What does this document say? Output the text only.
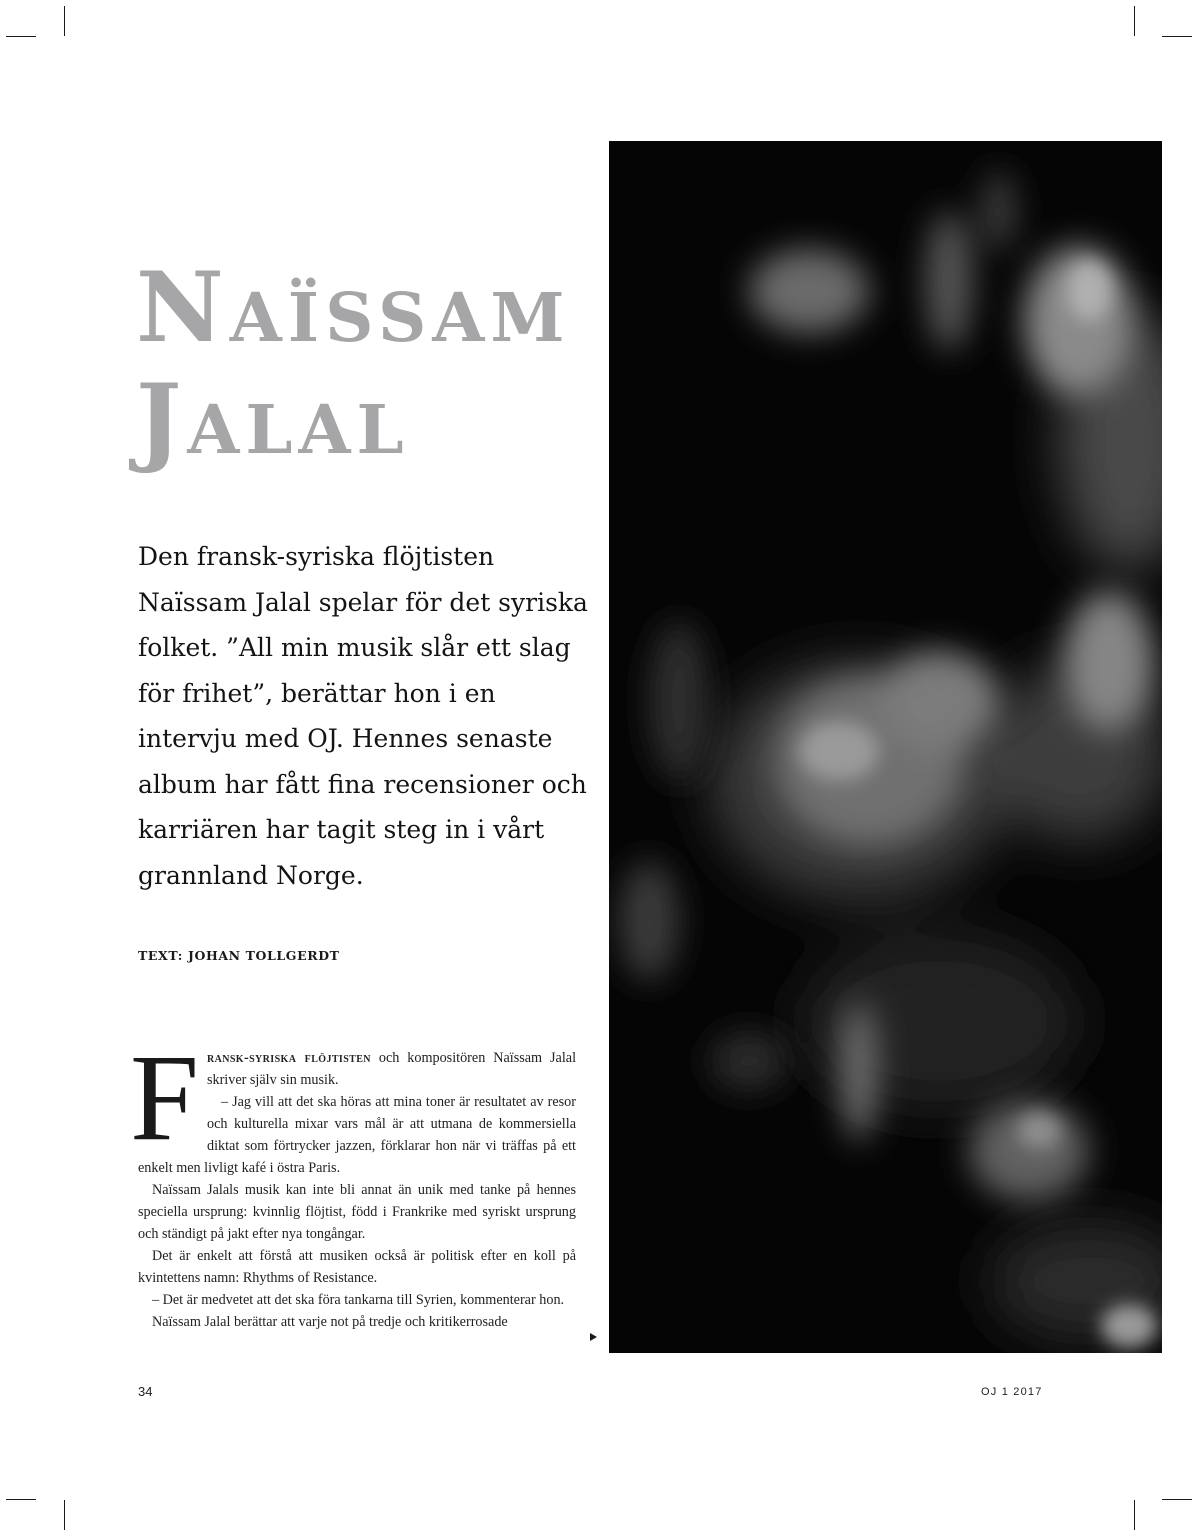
Naïssam
Jalal

Den fransk-syriska flöjtisten Naïssam Jalal spelar för det syriska folket. ”All min musik slår ett slag för frihet”, berättar hon i en intervju med OJ. Hennes senaste album har fått fina recensioner och karriären har tagit steg in i vårt grannland Norge.

TEXT: JOHAN TOLLGERDT

F ransk-syriska flöjtisten och kompositören Naïssam Jalal skriver själv sin musik.

– Jag vill att det ska höras att mina toner är resultatet av resor och kulturella mixar vars mål är att utmana de kommersiella diktat som förtrycker jazzen, förklarar hon när vi träffas på ett enkelt men livligt kafé i östra Paris.

Naïssam Jalals musik kan inte bli annat än unik med tanke på hennes speciella ursprung: kvinnlig flöjtist, född i Frankrike med syriskt ursprung och ständigt på jakt efter nya tongångar.

Det är enkelt att förstå att musiken också är politisk efter en koll på kvintettens namn: Rhythms of Resistance.

– Det är medvetet att det ska föra tankarna till Syrien, kommenterar hon.

Naïssam Jalal berättar att varje not på tredje och kritikerrosade

34	OJ 1 2017
